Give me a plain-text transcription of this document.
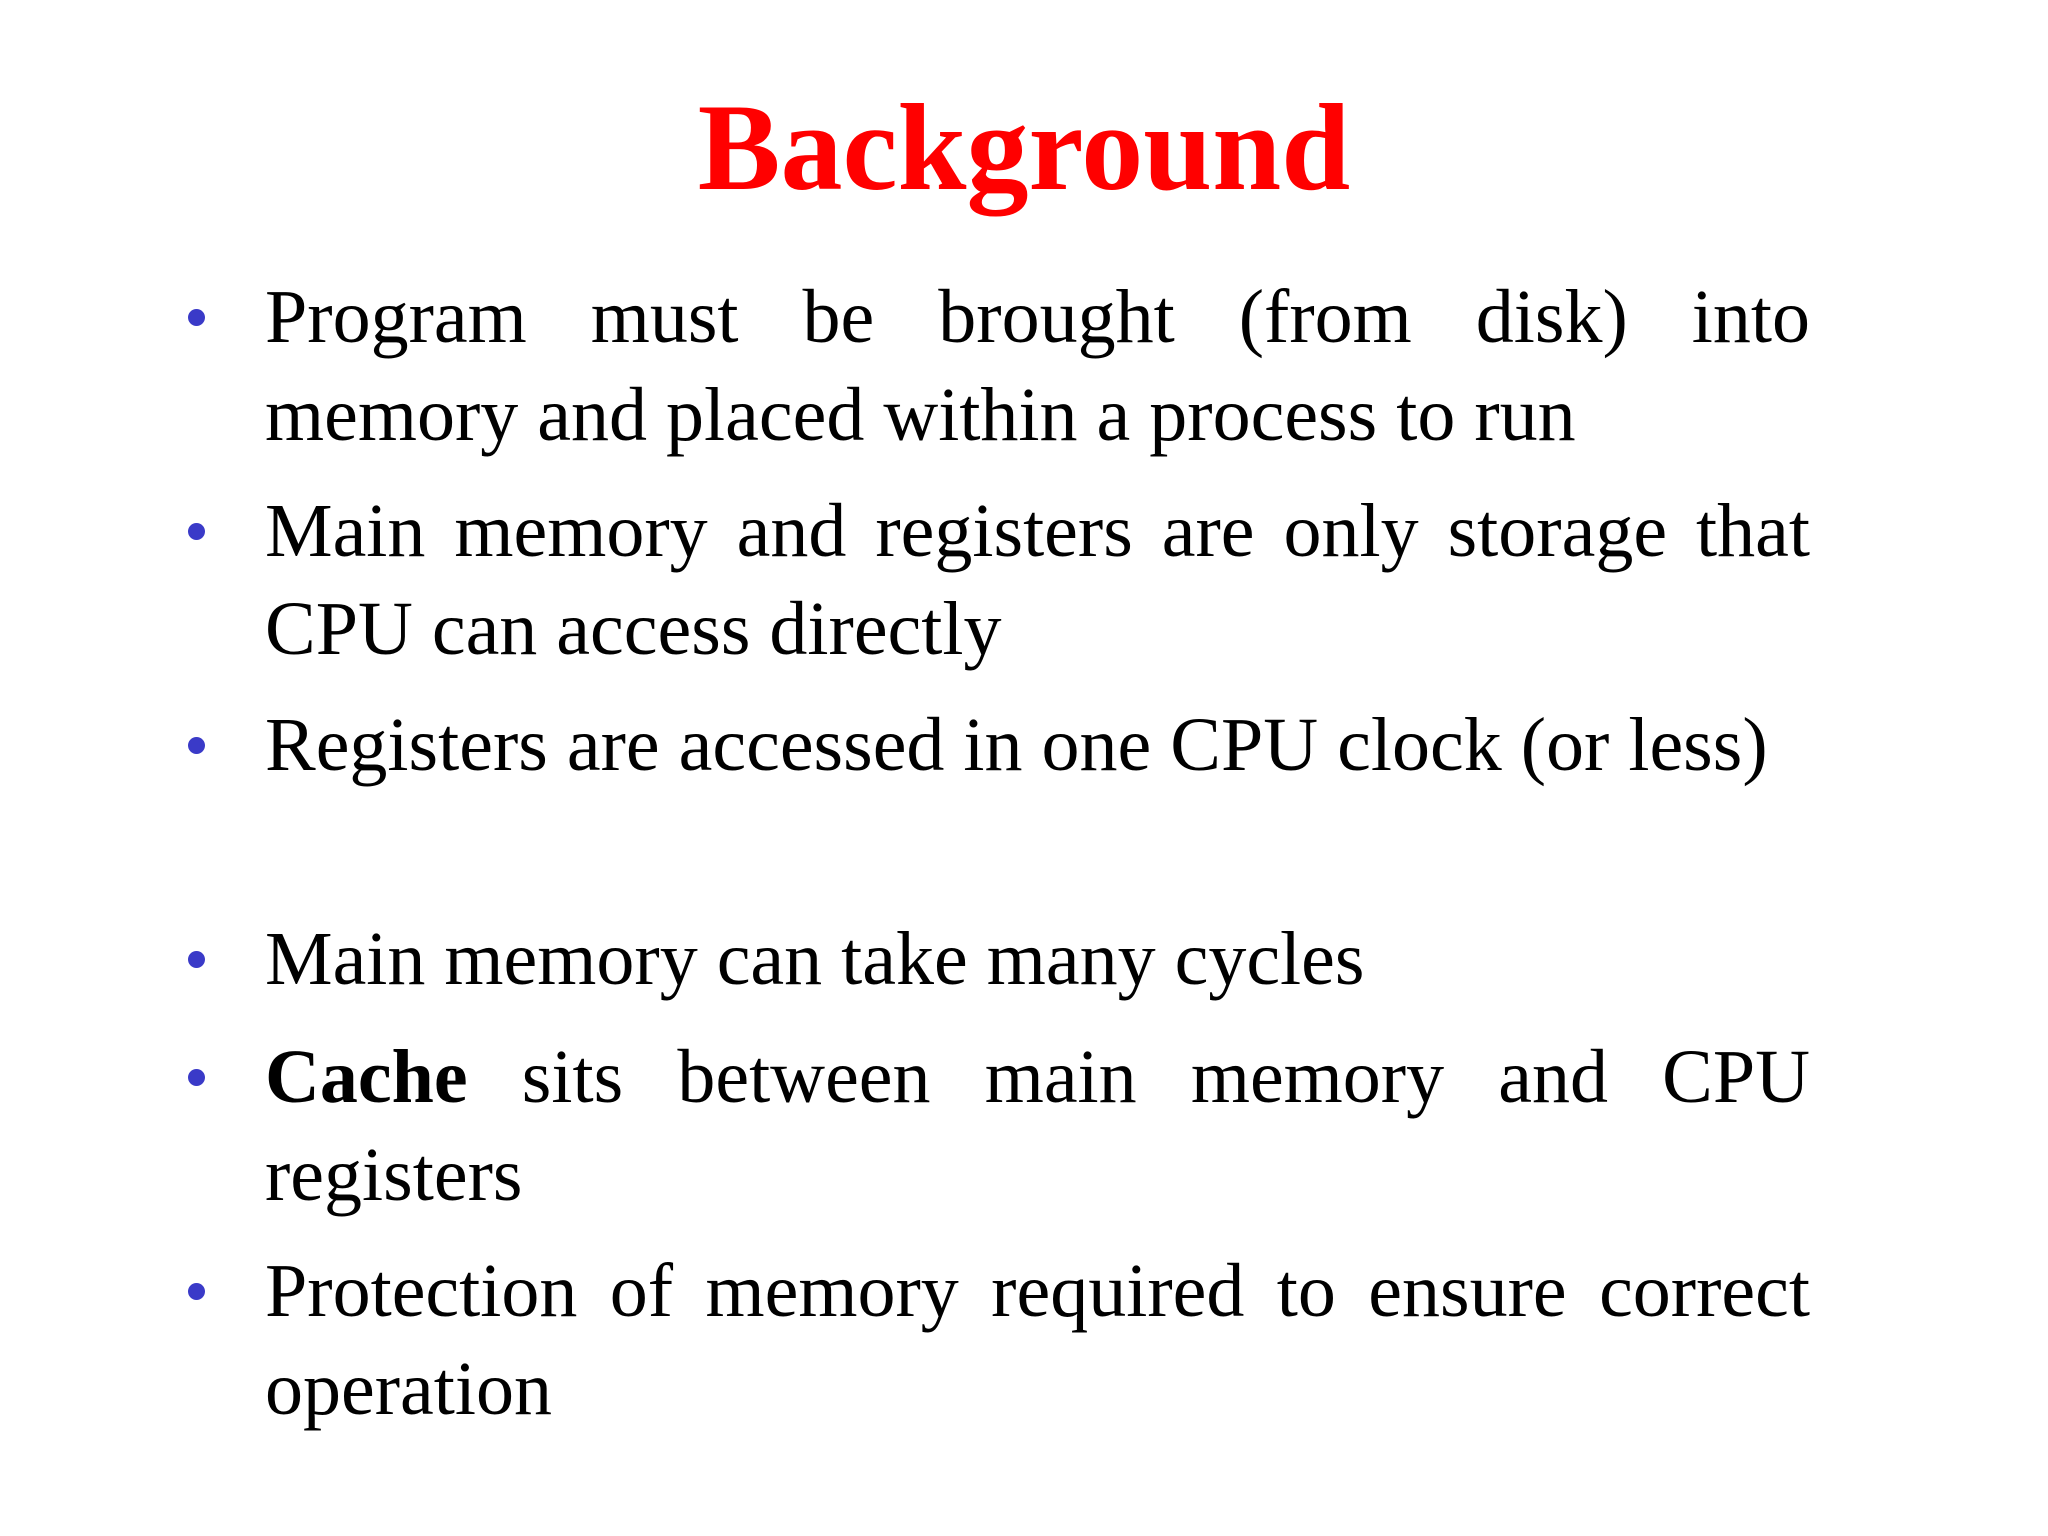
Background

Program must be brought (from disk) into memory and placed within a process to run

Main memory and registers are only storage that CPU can access directly

Registers are accessed in one CPU clock (or less)

Main memory can take many cycles

Cache sits between main memory and CPU registers

Protection of memory required to ensure correct operation
